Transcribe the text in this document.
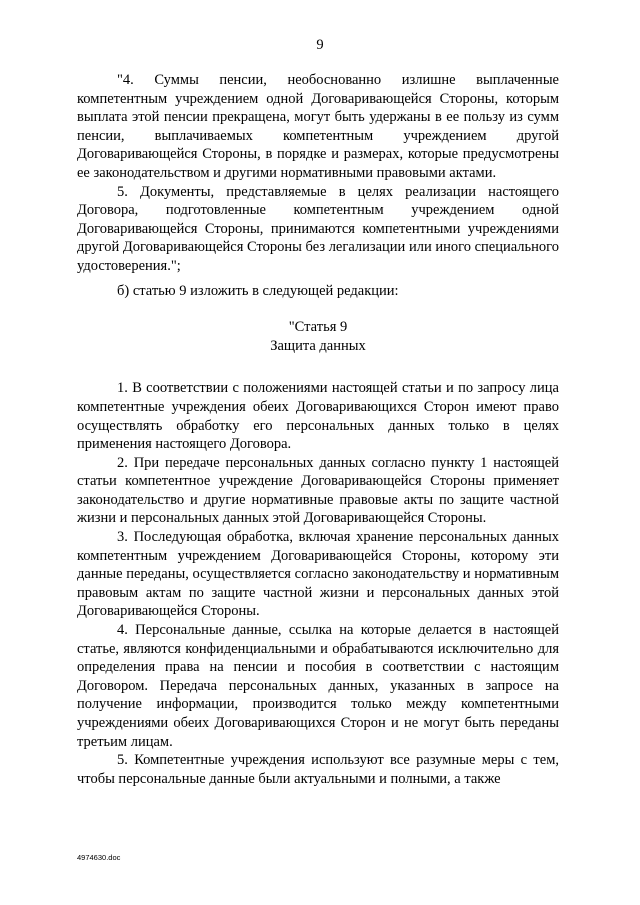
9

"4. Суммы пенсии, необоснованно излишне выплаченные компетентным учреждением одной Договаривающейся Стороны, которым выплата этой пенсии прекращена, могут быть удержаны в ее пользу из сумм пенсии, выплачиваемых компетентным учреждением другой Договаривающейся Стороны, в порядке и размерах, которые предусмотрены ее законодательством и другими нормативными правовыми актами.

5. Документы, представляемые в целях реализации настоящего Договора, подготовленные компетентным учреждением одной Договаривающейся Стороны, принимаются компетентными учреждениями другой Договаривающейся Стороны без легализации или иного специального удостоверения.";

б) статью 9 изложить в следующей редакции:

"Статья 9

Защита данных

1. В соответствии с положениями настоящей статьи и по запросу лица компетентные учреждения обеих Договаривающихся Сторон имеют право осуществлять обработку его персональных данных только в целях применения настоящего Договора.

2. При передаче персональных данных согласно пункту 1 настоящей статьи компетентное учреждение Договаривающейся Стороны применяет законодательство и другие нормативные правовые акты по защите частной жизни и персональных данных этой Договаривающейся Стороны.

3. Последующая обработка, включая хранение персональных данных компетентным учреждением Договаривающейся Стороны, которому эти данные переданы, осуществляется согласно законодательству и нормативным правовым актам по защите частной жизни и персональных данных этой Договаривающейся Стороны.

4. Персональные данные, ссылка на которые делается в настоящей статье, являются конфиденциальными и обрабатываются исключительно для определения права на пенсии и пособия в соответствии с настоящим Договором. Передача персональных данных, указанных в запросе на получение информации, производится только между компетентными учреждениями обеих Договаривающихся Сторон и не могут быть переданы третьим лицам.

5. Компетентные учреждения используют все разумные меры с тем, чтобы персональные данные были актуальными и полными, а также

4974630.doc
